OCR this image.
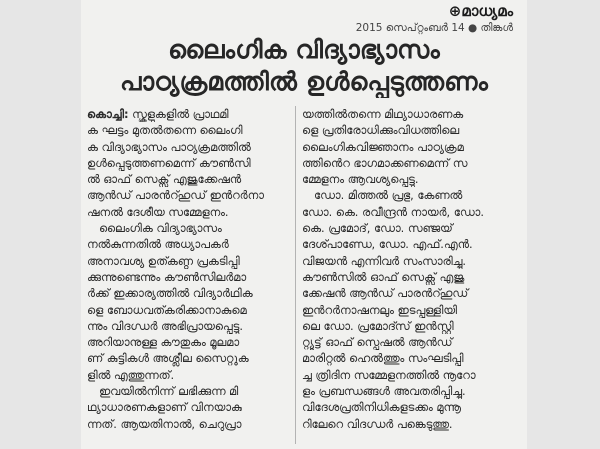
⊕മാധ്യമം
2015 സെപ്റ്റംബർ 14 ● തിങ്കൾ
ലൈംഗിക വിദ്യാഭ്യാസം
പാഠ്യക്രമത്തിൽ ഉൾപ്പെടുത്തണം
കൊച്ചി: സ്കൂളുകളിൽ പ്രാഥമി
ക ഘട്ടം മുതൽതന്നെ ലൈംഗി
ക വിദ്യാഭ്യാസം പാഠ്യക്രമത്തിൽ
ഉൾപ്പെടുത്തണമെന്ന് കൗൺസി
ൽ ഓഫ് സെക്സ് എജുക്കേഷൻ
ആൻഡ് പാരൻറ്ഹുഡ് ഇൻറർനാ
ഷനൽ ദേശീയ സമ്മേളനം.
ലൈംഗിക വിദ്യാഭ്യാസം
നൽകുന്നതിൽ അധ്യാപകർ
അനാവശ്യ ഉത്കണ്ഠ പ്രകടിപ്പി
ക്കുന്നുണ്ടെന്നും കൗൺസിലർമാ
ർക്ക് ഇക്കാര്യത്തിൽ വിദ്യാർഥിക
ളെ ബോധവത്കരിക്കാനാകുമെ
ന്നും വിദഗ്ധർ അഭിപ്രായപ്പെട്ടു.
അറിയാനുള്ള കൗതുകം മൂലമാ
ണ് കുട്ടികൾ അശ്ലീല സൈറ്റുക
ളിൽ എത്തുന്നത്.
ഇവയിൽനിന്ന് ലഭിക്കുന്ന മി
ഥ്യാധാരണകളാണ് വിനയാകു
ന്നത്. ആയതിനാൽ, ചെറുപ്രാ
യത്തിൽതന്നെ മിഥ്യാധാരണക
ളെ പ്രതിരോധിക്കുംവിധത്തിലെ
ലൈംഗികവിജ്ഞാനം പാഠ്യക്രമ
ത്തിൻെറ ഭാഗമാക്കണമെന്ന് സ
മ്മേളനം ആവശ്യപ്പെട്ടു.
ഡോ. മിത്തൽ പ്രഭു, കേണൽ
ഡോ. കെ. രവീന്ദ്രൻ നായർ, ഡോ.
കെ. പ്രമോദ്, ഡോ. സഞ്ജയ്
ദേശ്പാണ്ഡേ, ഡോ. എഫ്.എൻ.
വിജയൻ എന്നിവർ സംസാരിച്ചു.
കൗൺസിൽ ഓഫ് സെക്സ് എജു
ക്കേഷൻ ആൻഡ് പാരൻറ്ഹുഡ്
ഇൻറർനാഷനലും ഇടപ്പള്ളിയി
ലെ ഡോ. പ്രമോദ്സ് ഇൻസ്റ്റി
റ്റ്യൂട്ട് ഓഫ് സ്പെഷൽ ആൻഡ്
മാരിറ്റൽ ഹെൽത്തും സംഘടിപ്പി
ച്ച ത്രിദിന സമ്മേളനത്തിൽ നൂറോ
ളം പ്രബന്ധങ്ങൾ അവതരിപ്പിച്ചു.
വിദേശപ്രതിനിധികളടക്കം മുന്നൂ
റിലേറെ വിദഗ്ധർ പങ്കെടുത്തു.
